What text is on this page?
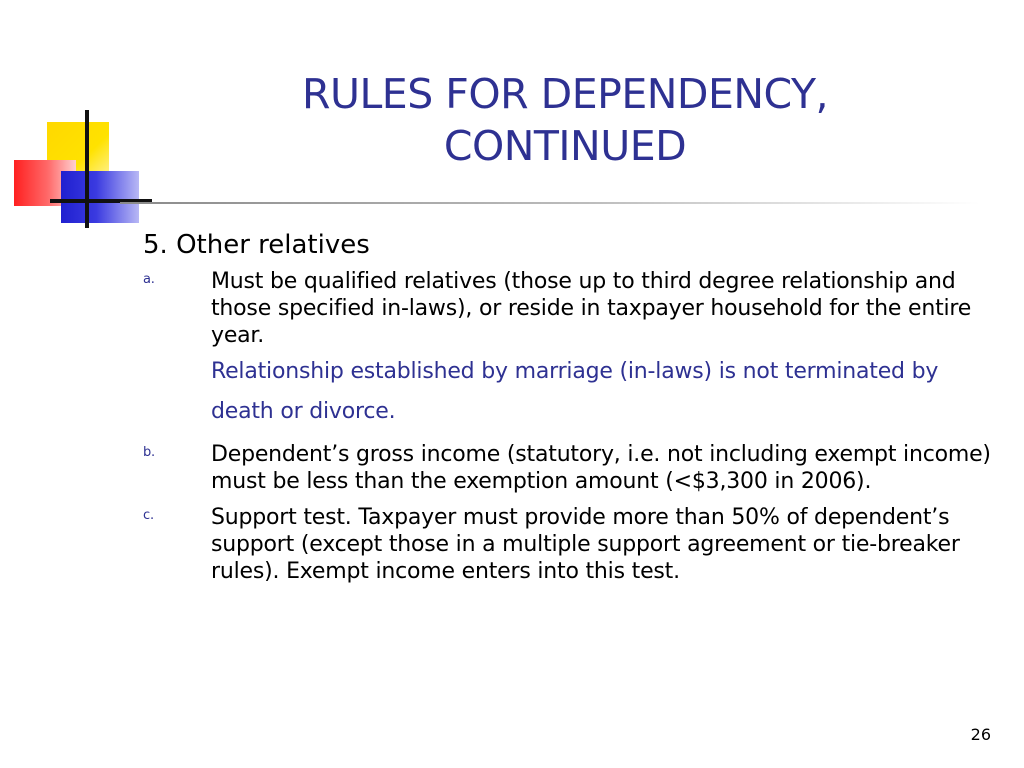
RULES FOR DEPENDENCY,
CONTINUED
5. Other relatives
a.	Must be qualified relatives (those up to third degree relationship and those specified in-laws), or reside in taxpayer household for the entire year.
Relationship established by marriage (in-laws) is not terminated by death or divorce.
b.	Dependent’s gross income (statutory, i.e. not including exempt income) must be less than the exemption amount (<$3,300 in 2006).
c.	Support test. Taxpayer must provide more than 50% of dependent’s support (except those in a multiple support agreement or tie-breaker rules). Exempt income enters into this test.
26
